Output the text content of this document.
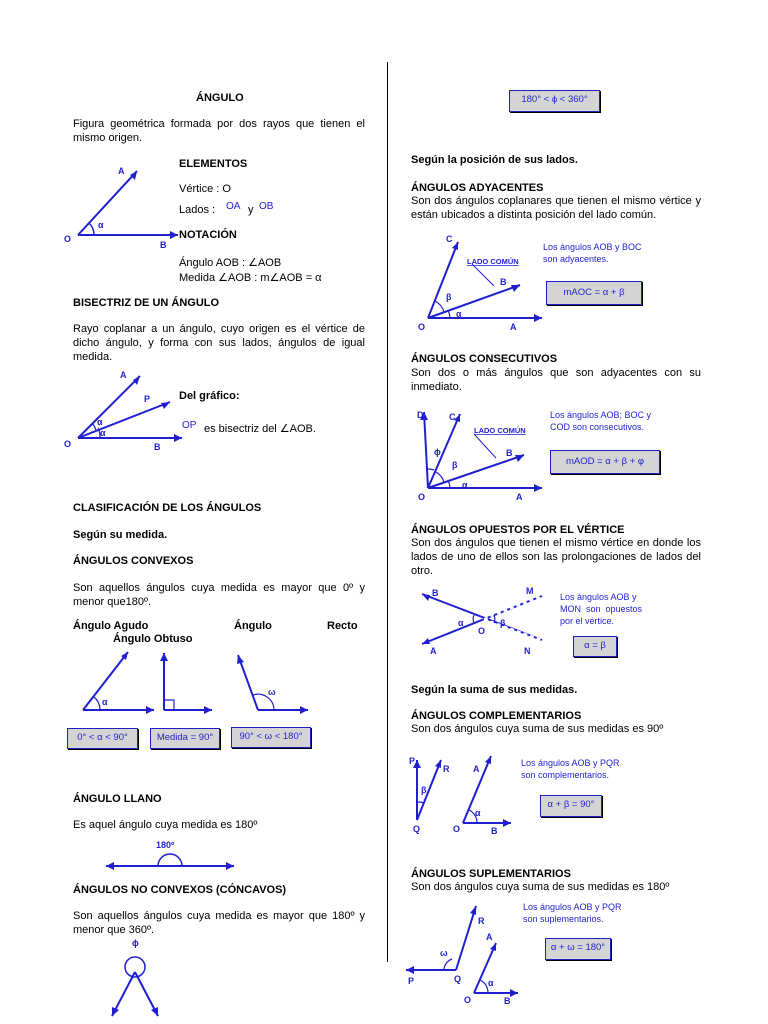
ÁNGULO
Figura geométrica formada por dos rayos que tienen el mismo origen.
O
A
B
α
ELEMENTOS
Vértice : O
Lados : OA y OB
NOTACIÓN
Ángulo AOB : ∠AOB
Medida ∠AOB : m∠AOB = α
BISECTRIZ DE UN ÁNGULO
Rayo coplanar a un ángulo, cuyo origen es el vértice de dicho ángulo, y forma con sus lados, ángulos de igual medida.
O
A
P
B
α
α
Del gráfico:
OP es bisectriz del ∠AOB.
CLASIFICACIÓN DE LOS ÁNGULOS
Según su medida.
ÁNGULOS CONVEXOS
Son aquellos ángulos cuya medida es mayor que 0º y menor que180º.
Ángulo Agudo	Ángulo	Recto
Ángulo Obtuso
α
ω
0° < α < 90°	Medida = 90°	90° < ω < 180°
ÁNGULO LLANO
Es aquel ángulo cuya medida es 180º
180º
ÁNGULOS NO CONVEXOS (CÓNCAVOS)
Son aquellos ángulos cuya medida es mayor que 180º y menor que 360º.
ϕ
180° < ϕ < 360°
Según la posición de sus lados.
ÁNGULOS ADYACENTES
Son dos ángulos coplanares que tienen el mismo vértice y están ubicados a distinta posición del lado común.
O	A
B
C
β
α
LADO COMÚN
Los ángulos AOB y BOC
son adyacentes.
mAOC = α + β
ÁNGULOS CONSECUTIVOS
Son dos o más ángulos que son adyacentes con su inmediato.
O	A
B
C
D
ϕ
β
α
LADO COMÚN
Los ángulos AOB; BOC y
COD son consecutivos.
mAOD = α + β + φ
ÁNGULOS OPUESTOS POR EL VÉRTICE
Son dos ángulos que tienen el mismo vértice en donde los lados de uno de ellos son las prolongaciones de lados del otro.
B
A
O
M
N
α	β
Los ángulos AOB y
MON  son  opuestos
por el vértice.
α = β
Según la suma de sus medidas.
ÁNGULOS COMPLEMENTARIOS
Son dos ángulos cuya suma de sus medidas es 90º
P
R
Q
β
A
O	B
α
Los ángulos AOB y PQR
son complementarios.
α + β = 90°
ÁNGULOS SUPLEMENTARIOS
Son dos ángulos cuya suma de sus medidas es 180º
P
R
Q
ω
A
O	B
α
Los ángulos AOB y PQR
son suplementarios.
α + ω = 180°
